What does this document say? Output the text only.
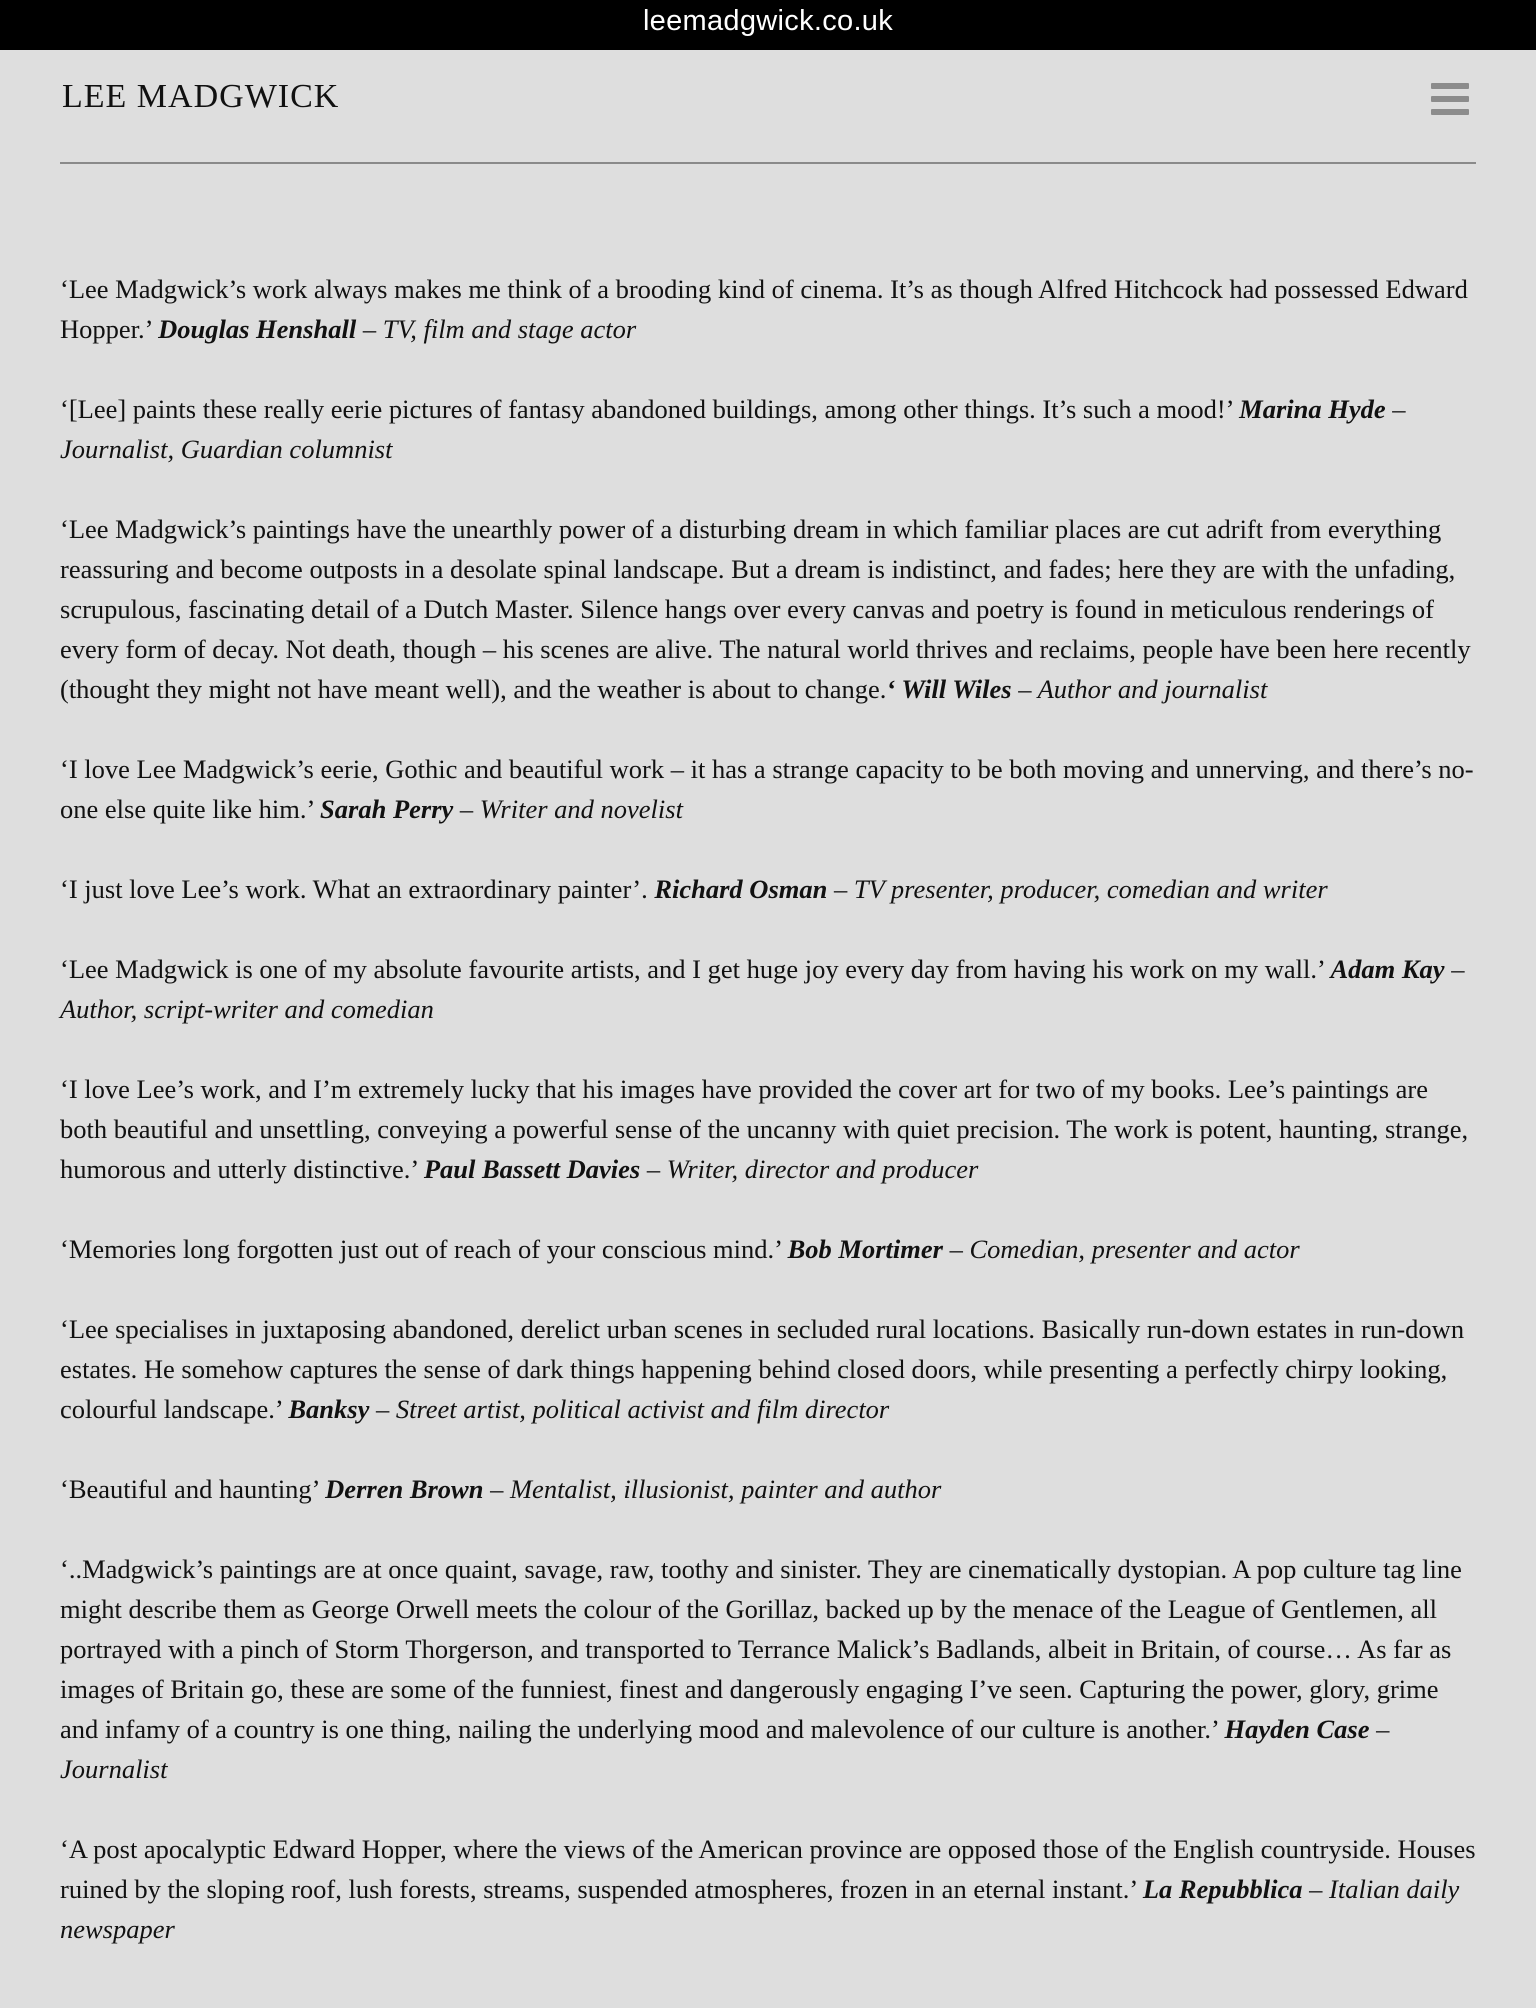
leemadgwick.co.uk
LEE MADGWICK

‘Lee Madgwick’s work always makes me think of a brooding kind of cinema. It’s as though Alfred Hitchcock had possessed Edward Hopper.’ Douglas Henshall – TV, film and stage actor

‘[Lee] paints these really eerie pictures of fantasy abandoned buildings, among other things. It’s such a mood!’ Marina Hyde – Journalist, Guardian columnist

‘Lee Madgwick’s paintings have the unearthly power of a disturbing dream in which familiar places are cut adrift from everything reassuring and become outposts in a desolate spinal landscape. But a dream is indistinct, and fades; here they are with the unfading, scrupulous, fascinating detail of a Dutch Master. Silence hangs over every canvas and poetry is found in meticulous renderings of every form of decay. Not death, though – his scenes are alive. The natural world thrives and reclaims, people have been here recently (thought they might not have meant well), and the weather is about to change.‘ Will Wiles – Author and journalist

‘I love Lee Madgwick’s eerie, Gothic and beautiful work – it has a strange capacity to be both moving and unnerving, and there’s no-one else quite like him.’ Sarah Perry – Writer and novelist

‘I just love Lee’s work. What an extraordinary painter’. Richard Osman – TV presenter, producer, comedian and writer

‘Lee Madgwick is one of my absolute favourite artists, and I get huge joy every day from having his work on my wall.’ Adam Kay – Author, script-writer and comedian

‘I love Lee’s work, and I’m extremely lucky that his images have provided the cover art for two of my books. Lee’s paintings are both beautiful and unsettling, conveying a powerful sense of the uncanny with quiet precision. The work is potent, haunting, strange, humorous and utterly distinctive.’ Paul Bassett Davies – Writer, director and producer

‘Memories long forgotten just out of reach of your conscious mind.’ Bob Mortimer – Comedian, presenter and actor

‘Lee specialises in juxtaposing abandoned, derelict urban scenes in secluded rural locations. Basically run-down estates in run-down estates. He somehow captures the sense of dark things happening behind closed doors, while presenting a perfectly chirpy looking, colourful landscape.’ Banksy – Street artist, political activist and film director

‘Beautiful and haunting’ Derren Brown – Mentalist, illusionist, painter and author

‘..Madgwick’s paintings are at once quaint, savage, raw, toothy and sinister. They are cinematically dystopian. A pop culture tag line might describe them as George Orwell meets the colour of the Gorillaz, backed up by the menace of the League of Gentlemen, all portrayed with a pinch of Storm Thorgerson, and transported to Terrance Malick’s Badlands, albeit in Britain, of course… As far as images of Britain go, these are some of the funniest, finest and dangerously engaging I’ve seen. Capturing the power, glory, grime and infamy of a country is one thing, nailing the underlying mood and malevolence of our culture is another.’ Hayden Case – Journalist

‘A post apocalyptic Edward Hopper, where the views of the American province are opposed those of the English countryside. Houses ruined by the sloping roof, lush forests, streams, suspended atmospheres, frozen in an eternal instant.’ La Repubblica – Italian daily newspaper
